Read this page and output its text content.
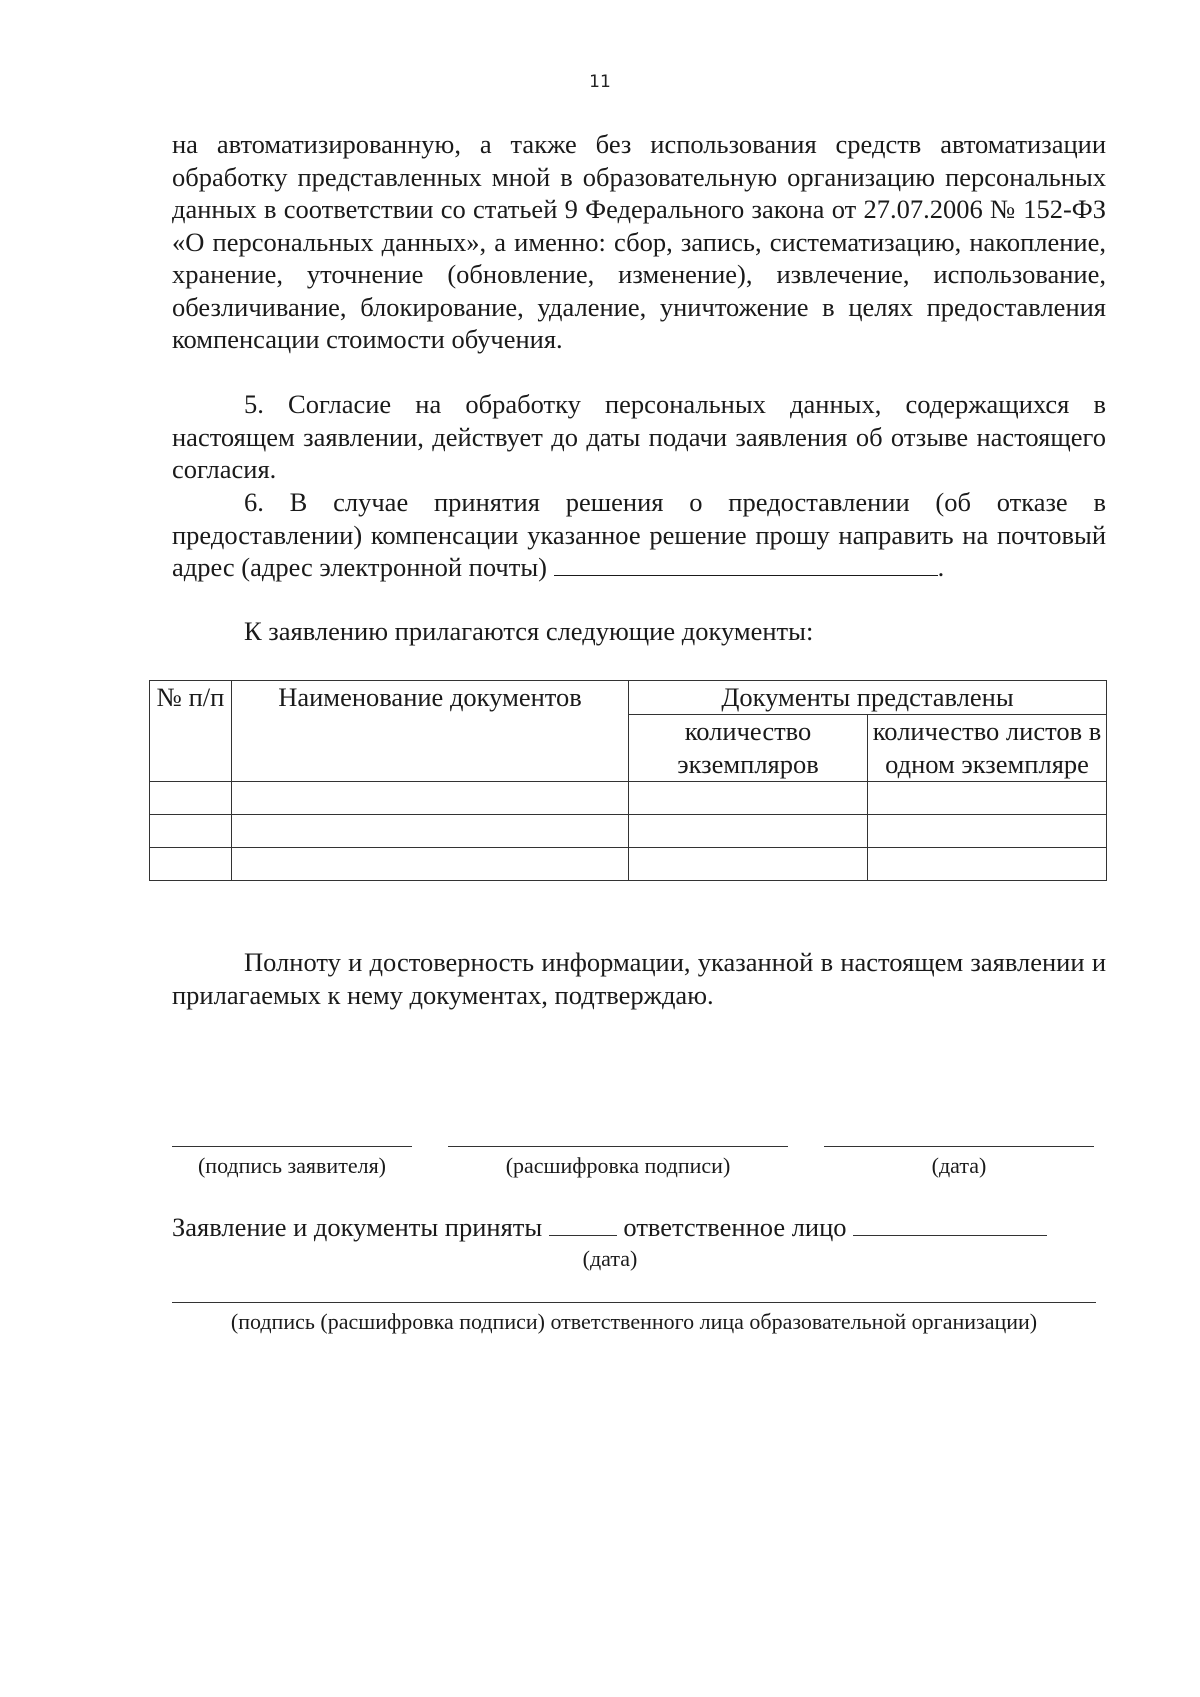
11

на автоматизированную, а также без использования средств автоматизации обработку представленных мной в образовательную организацию персональных данных в соответствии со статьей 9 Федерального закона от 27.07.2006 № 152-ФЗ «О персональных данных», а именно: сбор, запись, систематизацию, накопление, хранение, уточнение (обновление, изменение), извлечение, использование, обезличивание, блокирование, удаление, уничтожение в целях предоставления компенсации стоимости обучения.

5. Согласие на обработку персональных данных, содержащихся в настоящем заявлении, действует до даты подачи заявления об отзыве настоящего согласия.

6. В случае принятия решения о предоставлении (об отказе в предоставлении) компенсации указанное решение прошу направить на почтовый адрес (адрес электронной почты)	.

К заявлению прилагаются следующие документы:

№ п/п	Наименование документов	Документы представлены	
		количество экземпляров	количество листов в одном экземпляре

Полноту и достоверность информации, указанной в настоящем заявлении и прилагаемых к нему документах, подтверждаю.

(подпись заявителя)	(расшифровка подписи)	(дата)
Заявление и документы приняты	ответственное лицо
(дата)
(подпись (расшифровка подписи) ответственного лица образовательной организации)
